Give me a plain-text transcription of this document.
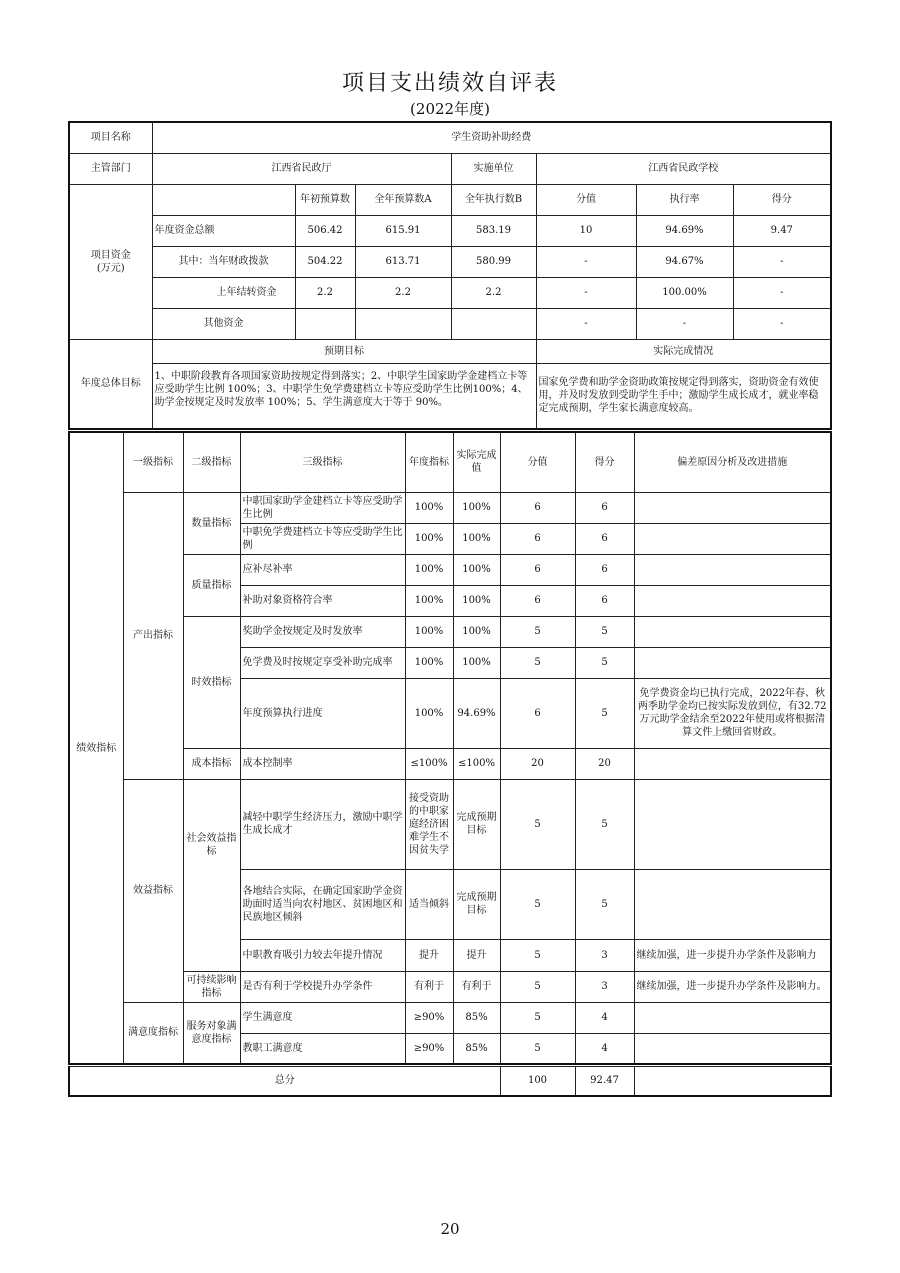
项目支出绩效自评表
(2022年度)
项目名称	学生资助补助经费						
主管部门	江西省民政厅			实施单位	江西省民政学校		
项目资金
(万元)		年初预算数	全年预算数A	全年执行数B	分值	执行率	得分
	年度资金总额	506.42	615.91	583.19	10	94.69%	9.47
	其中：当年财政拨款	504.22	613.71	580.99	-	94.67%	-
	上年结转资金	2.2	2.2	2.2	-	100.00%	-
	其他资金				-	-	-
年度总体目标	预期目标				实际完成情况		
	1、中职阶段教育各项国家资助按规定得到落实；2、中职学生国家助学金建档立卡等应受助学生比例 100%；3、中职学生免学费建档立卡等应受助学生比例100%；4、助学金按规定及时发放率 100%；5、学生满意度大于等于 90%。				国家免学费和助学金资助政策按规定得到落实，资助资金有效使用，并及时发放到受助学生手中；激励学生成长成才，就业率稳定完成预期，学生家长满意度较高。		
绩效指标	一级指标	二级指标	三级指标	年度指标	实际完成值	分值	得分	偏差原因分析及改进措施
	产出指标	数量指标	中职国家助学金建档立卡等应受助学生比例	100%	100%	6	6	
			中职免学费建档立卡等应受助学生比例	100%	100%	6	6	
		质量指标	应补尽补率	100%	100%	6	6	
			补助对象资格符合率	100%	100%	6	6	
		时效指标	奖助学金按规定及时发放率	100%	100%	5	5	
			免学费及时按规定享受补助完成率	100%	100%	5	5	
			年度预算执行进度	100%	94.69%	6	5	免学费资金均已执行完成，2022年春、秋两季助学金均已按实际发放到位，有32.72万元助学金结余至2022年使用或将根据清算文件上缴回省财政。
		成本指标	成本控制率	≤100%	≤100%	20	20	
	效益指标	社会效益指标	减轻中职学生经济压力，激励中职学生成长成才	接受资助的中职家庭经济困难学生不因贫失学	完成预期目标	5	5	
			各地结合实际，在确定国家助学金资助面时适当向农村地区、贫困地区和民族地区倾斜	适当倾斜	完成预期目标	5	5	
			中职教育吸引力较去年提升情况	提升	提升	5	3	继续加强，进一步提升办学条件及影响力
		可持续影响指标	是否有利于学校提升办学条件	有利于	有利于	5	3	继续加强，进一步提升办学条件及影响力。
	满意度指标	服务对象满意度指标	学生满意度	≥90%	85%	5	4	
			教职工满意度	≥90%	85%	5	4	
总分	100	92.47	
20
